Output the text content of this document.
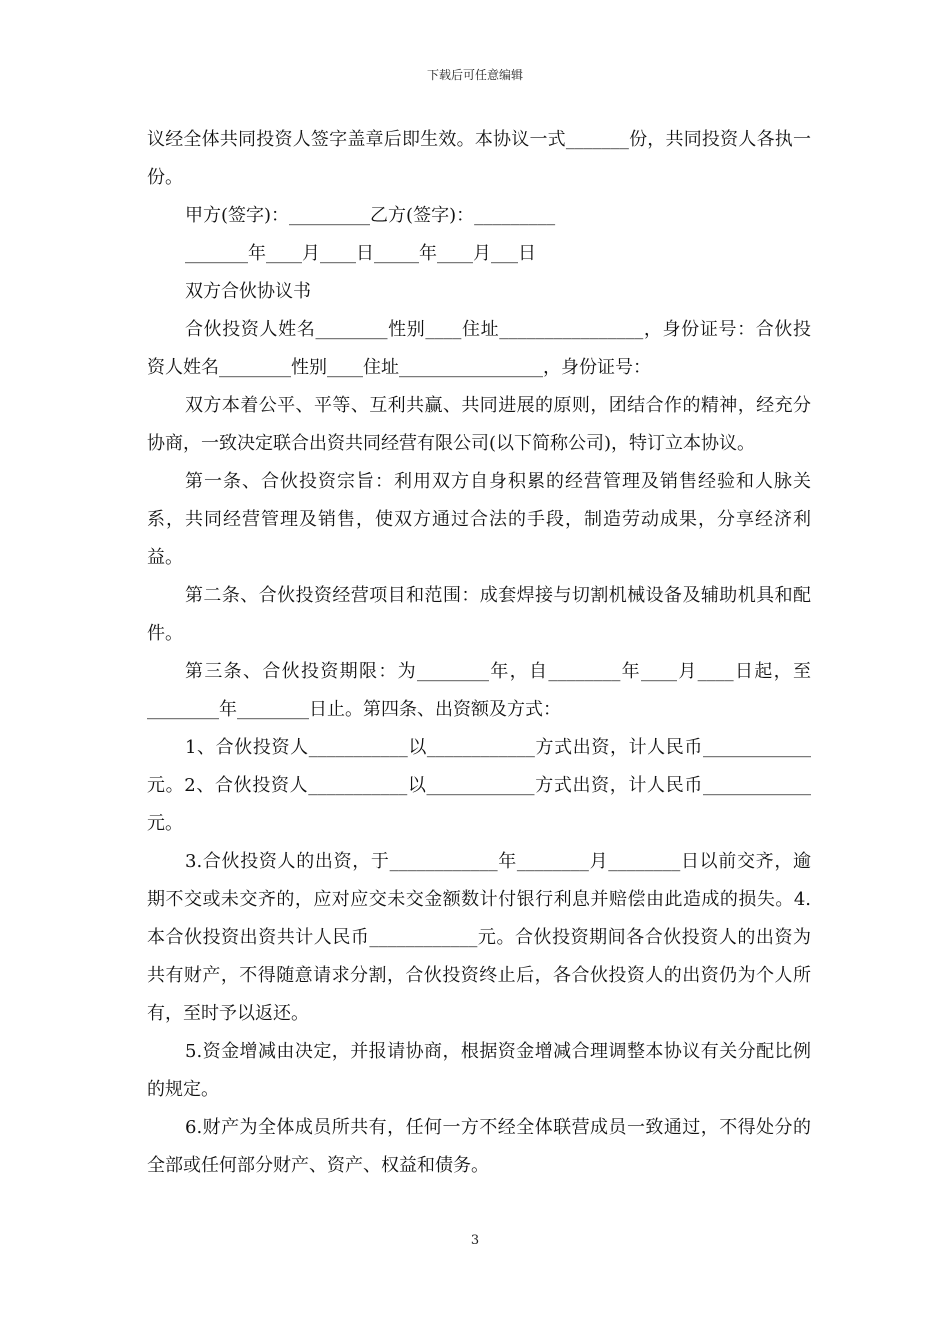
下载后可任意编辑

议经全体共同投资人签字盖章后即生效。本协议一式_______份，共同投资人各执一份。

甲方(签字)：_________乙方(签字)：_________

_______年____月____日_____年____月___日

双方合伙协议书

合伙投资人姓名________性别____住址________________，身份证号：合伙投资人姓名________性别____住址________________，身份证号：

双方本着公平、平等、互利共赢、共同进展的原则，团结合作的精神，经充分协商，一致决定联合出资共同经营有限公司(以下简称公司)，特订立本协议。

第一条、合伙投资宗旨：利用双方自身积累的经营管理及销售经验和人脉关系，共同经营管理及销售，使双方通过合法的手段，制造劳动成果，分享经济利益。

第二条、合伙投资经营项目和范围：成套焊接与切割机械设备及辅助机具和配件。

第三条、合伙投资期限：为________年，自________年____月____日起，至________年________日止。第四条、出资额及方式：

1、合伙投资人___________以____________方式出资，计人民币____________元。2、合伙投资人___________以____________方式出资，计人民币____________元。

3.合伙投资人的出资，于____________年________月________日以前交齐，逾期不交或未交齐的，应对应交未交金额数计付银行利息并赔偿由此造成的损失。4.本合伙投资出资共计人民币____________元。合伙投资期间各合伙投资人的出资为共有财产，不得随意请求分割，合伙投资终止后，各合伙投资人的出资仍为个人所有，至时予以返还。

5.资金增减由决定，并报请协商，根据资金增减合理调整本协议有关分配比例的规定。

6.财产为全体成员所共有，任何一方不经全体联营成员一致通过，不得处分的全部或任何部分财产、资产、权益和债务。

3
